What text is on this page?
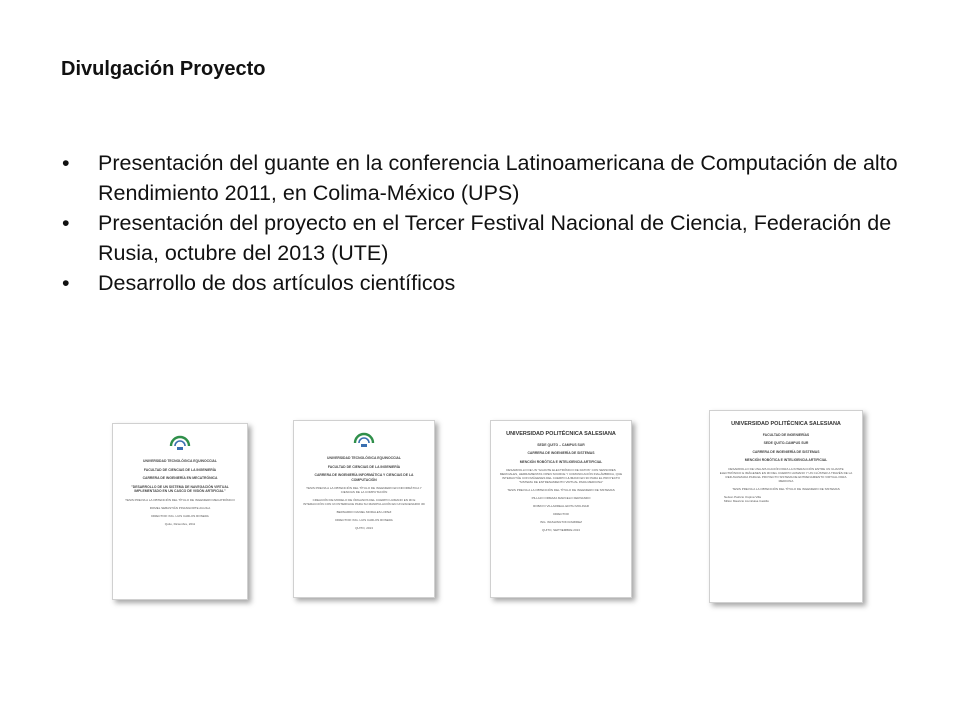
Divulgación Proyecto
• Presentación del guante en la conferencia Latinoamericana de Computación de alto Rendimiento 2011, en Colima-México (UPS)
• Presentación del proyecto en el Tercer Festival Nacional de Ciencia, Federación de Rusia, octubre del 2013 (UTE)
• Desarrollo de dos artículos científicos
UNIVERSIDAD TECNOLÓGICA EQUINOCCIAL
FACULTAD DE CIENCIAS DE LA INGENIERÍA
CARRERA DE INGENIERÍA EN MECATRÓNICA
"DESARROLLO DE UN SISTEMA DE NAVEGACIÓN VIRTUAL IMPLEMENTADO EN UN CASCO DE VISIÓN ARTIFICIAL"
TESIS PREVIA A LA OBTENCIÓN DEL TÍTULO DE INGENIERO MECATRÓNICO
ROMEL SEBASTIÁN PINANGORTE AGUILA
DIRECTOR: ING. LUIS CARLOS ROSERA
Quito, Diciembre, 2011
UNIVERSIDAD TECNOLÓGICA EQUINOCCIAL
FACULTAD DE CIENCIAS DE LA INGENIERÍA
CARRERA DE INGENIERÍA INFORMÁTICA Y CIENCIAS DE LA COMPUTACIÓN
TESIS PREVIA A LA OBTENCIÓN DEL TÍTULO DE INGENIERO EN INFORMÁTICA Y CIENCIAS DE LA COMPUTACIÓN
CREACIÓN DE MODELO DE ÓRGANOS DEL CUERPO HUMANO EN 3D E INTERACCIÓN CON UN INTERFACE PARA SU MANIPULACIÓN EN UN ESCENARIO 3D
BERNARDO DANIEL MORALES LOPEZ
DIRECTOR: ING. LUIS CARLOS ROSERA
QUITO, 2013
UNIVERSIDAD POLITÉCNICA SALESIANA
SEDE QUITO – CAMPUS SUR
CARRERA DE INGENIERÍA DE SISTEMAS
MENCIÓN ROBÓTICA E INTELIGENCIA ARTIFICIAL
DESARROLLO DE UN "GUANTE ELECTRÓNICO DE DATOS" CON SENSORES MERCIALES, HERRAMIENTAS OPEN SOURCE Y COMUNICACIÓN INALÁMBRICA, QUE INTERACTÚE CON IMÁGENES DEL CUERPO HUMANO EN 3D PARA EL PROYECTO "SISTEMA DE ENTRENAMIENTO VIRTUAL PARA MEDICINA"
TESIS PREVIA A LA OBTENCIÓN DEL TÍTULO DE INGENIERO DE SISTEMAS
PILLAJO ORMAZA MARCELO FERNANDO
ROBAYO VILLARREAL EDITH MOLINAR
DIRECTOR
ING. WASHINGTON RAMIREZ
QUITO, SEPTIEMBRE 2013
UNIVERSIDAD POLITÉCNICA SALESIANA
FACULTAD DE INGENIERÍAS
SEDE QUITO-CAMPUS SUR
CARRERA DE INGENIERÍA DE SISTEMAS
MENCIÓN ROBÓTICA E INTELIGENCIA ARTIFICIAL
DESARROLLO DE UNA APLICACIÓN PARA LA INTERACCIÓN ENTRE UN GUANTE ELECTRÓNICO E IMÁGENES EN 3D DEL CUERPO HUMANO Y UN CLÚSTER A TRAVÉS DE LA RED AVANZADA PARA EL PROYECTO SISTEMA DE ENTRENAMIENTO VIRTUAL PARA MEDICINA
TESIS PREVIA A LA OBTENCIÓN DEL TÍTULO DE INGENIERO DE SISTEMAS
Nelson Patricio Ospina Villa
Milton Mauricio Llumiluisa Castillo
